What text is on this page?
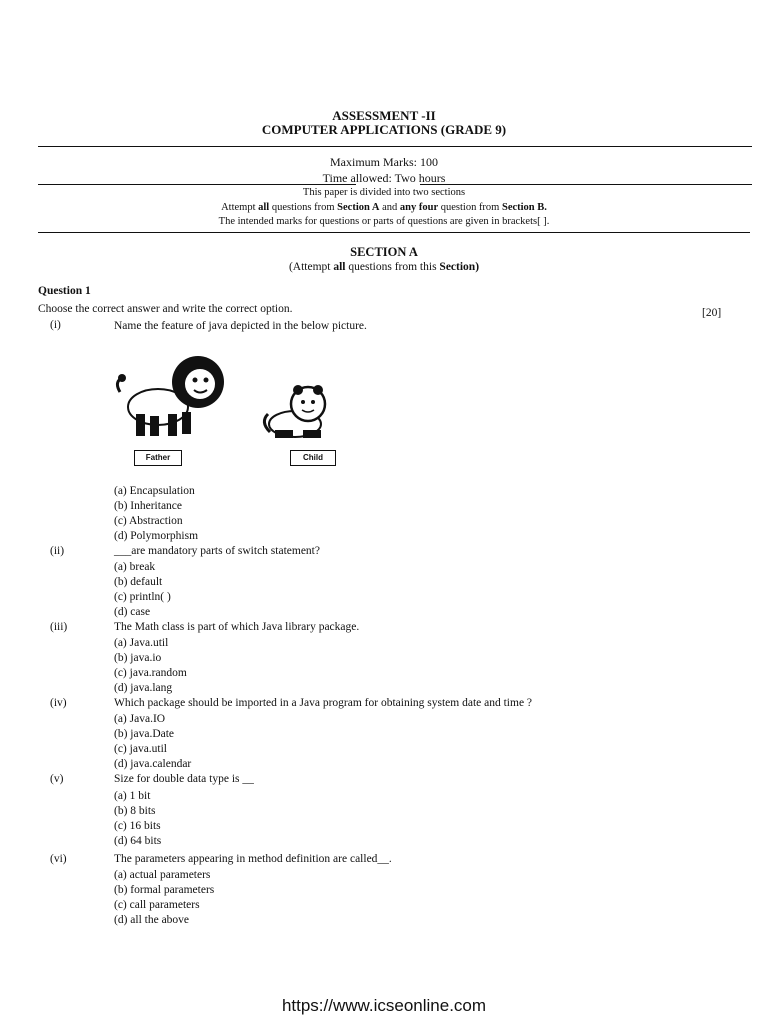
ASSESSMENT -II
COMPUTER APPLICATIONS (GRADE 9)
Maximum Marks: 100
Time allowed: Two hours
This paper is divided into two sections
Attempt all questions from Section A and any four question from Section B.
The intended marks for questions or parts of questions are given in brackets[ ].
SECTION A
(Attempt all questions from this Section)
Question 1
Choose the correct answer and write the correct option.	[20]
(i)	Name the feature of java depicted in the below picture.
Father	Child
(a) Encapsulation
(b) Inheritance
(c) Abstraction
(d) Polymorphism
(ii)	___are mandatory parts of switch statement?
(a) break
(b) default
(c) println( )
(d) case
(iii)	The Math class is part of which Java library package.
(a) Java.util
(b) java.io
(c) java.random
(d) java.lang
(iv)	Which package should be imported in a Java program for obtaining system date and time ?
(a) Java.IO
(b) java.Date
(c) java.util
(d) java.calendar
(v)	Size for double data type is __
(a) 1 bit
(b) 8 bits
(c) 16 bits
(d) 64 bits
(vi)	The parameters appearing in method definition are called__.
(a) actual parameters
(b) formal parameters
(c) call parameters
(d) all the above
https://www.icseonline.com
